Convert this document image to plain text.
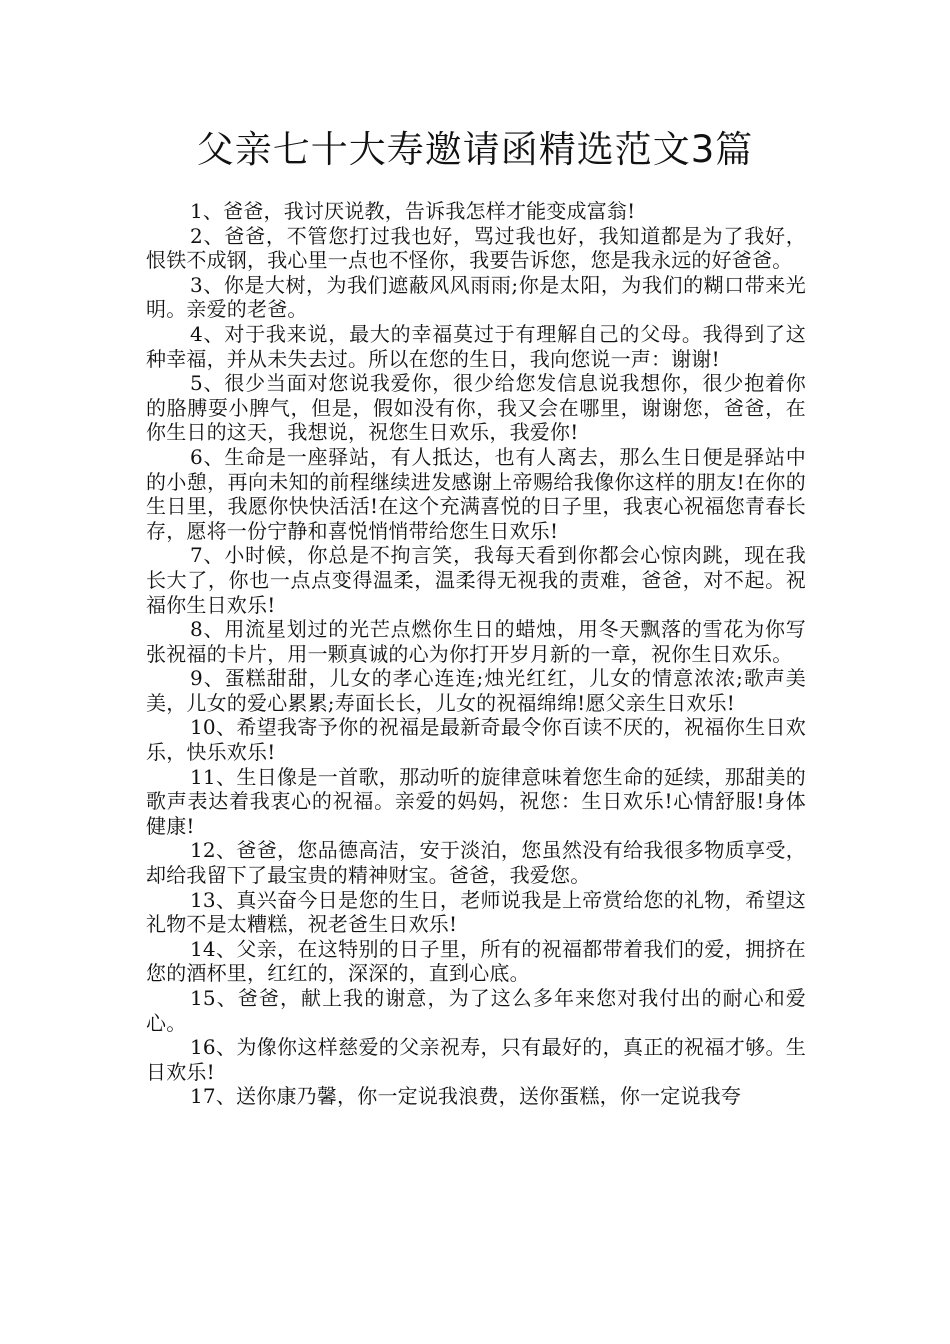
父亲七十大寿邀请函精选范文3篇

1、爸爸，我讨厌说教，告诉我怎样才能变成富翁!

2、爸爸，不管您打过我也好，骂过我也好，我知道都是为了我好，恨铁不成钢，我心里一点也不怪你，我要告诉您，您是我永远的好爸爸。

3、你是大树，为我们遮蔽风风雨雨;你是太阳，为我们的糊口带来光明。亲爱的老爸。

4、对于我来说，最大的幸福莫过于有理解自己的父母。我得到了这种幸福，并从未失去过。所以在您的生日，我向您说一声：谢谢!

5、很少当面对您说我爱你，很少给您发信息说我想你，很少抱着你的胳膊耍小脾气，但是，假如没有你，我又会在哪里，谢谢您，爸爸，在你生日的这天，我想说，祝您生日欢乐，我爱你!

6、生命是一座驿站，有人抵达，也有人离去，那么生日便是驿站中的小憩，再向未知的前程继续进发感谢上帝赐给我像你这样的朋友!在你的生日里，我愿你快快活活!在这个充满喜悦的日子里，我衷心祝福您青春长存，愿将一份宁静和喜悦悄悄带给您生日欢乐!

7、小时候，你总是不拘言笑，我每天看到你都会心惊肉跳，现在我长大了，你也一点点变得温柔，温柔得无视我的责难，爸爸，对不起。祝福你生日欢乐!

8、用流星划过的光芒点燃你生日的蜡烛，用冬天飘落的雪花为你写张祝福的卡片，用一颗真诚的心为你打开岁月新的一章，祝你生日欢乐。

9、蛋糕甜甜，儿女的孝心连连;烛光红红，儿女的情意浓浓;歌声美美，儿女的爱心累累;寿面长长，儿女的祝福绵绵!愿父亲生日欢乐!

10、希望我寄予你的祝福是最新奇最令你百读不厌的，祝福你生日欢乐，快乐欢乐!

11、生日像是一首歌，那动听的旋律意味着您生命的延续，那甜美的歌声表达着我衷心的祝福。亲爱的妈妈，祝您：生日欢乐!心情舒服!身体健康!

12、爸爸，您品德高洁，安于淡泊，您虽然没有给我很多物质享受，却给我留下了最宝贵的精神财宝。爸爸，我爱您。

13、真兴奋今日是您的生日，老师说我是上帝赏给您的礼物，希望这礼物不是太糟糕，祝老爸生日欢乐!

14、父亲，在这特别的日子里，所有的祝福都带着我们的爱，拥挤在您的酒杯里，红红的，深深的，直到心底。

15、爸爸，献上我的谢意，为了这么多年来您对我付出的耐心和爱心。

16、为像你这样慈爱的父亲祝寿，只有最好的，真正的祝福才够。生日欢乐!

17、送你康乃馨，你一定说我浪费，送你蛋糕，你一定说我夸
